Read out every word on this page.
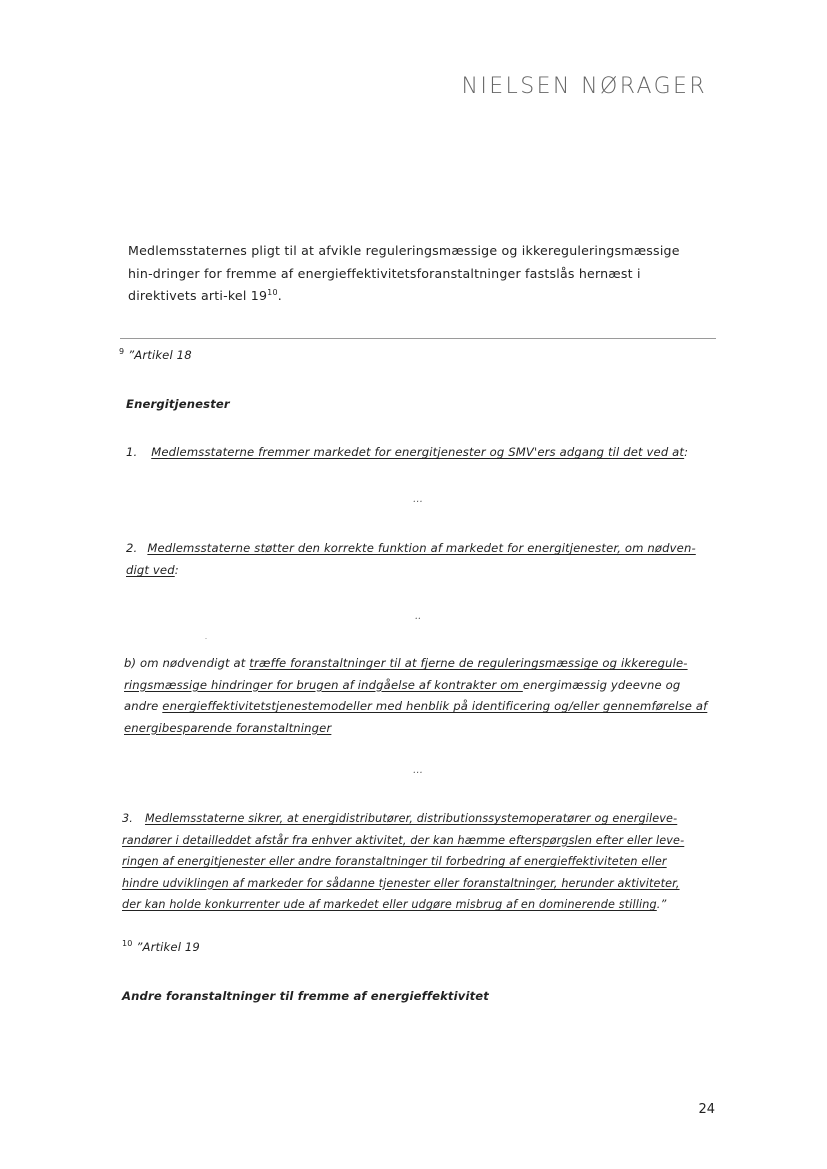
NIELSEN NØRAGER
Medlemsstaternes pligt til at afvikle reguleringsmæssige og ikkereguleringsmæssige hin-dringer for fremme af energieffektivitetsforanstaltninger fastslås hernæst i direktivets arti-kel $19^{10}$.
$^9$ ”Artikel 18
Energitjenester
1. Medlemsstaterne fremmer markedet for energitjenester og SMV'ers adgang til det ved at:
…
2. Medlemsstaterne støtter den korrekte funktion af markedet for energitjenester, om nødven-
digt ved:
..
b) om nødvendigt at træffe foranstaltninger til at fjerne de reguleringsmæssige og ikkeregule-
ringsmæssige hindringer for brugen af indgåelse af kontrakter om energimæssig ydeevne og
andre energieffektivitetstjenestemodeller med henblik på identificering og/eller gennemførelse af
energibesparende foranstaltninger
…
3. Medlemsstaterne sikrer, at energidistributører, distributionssystemoperatører og energileve-
randører i detailleddet afstår fra enhver aktivitet, der kan hæmme efterspørgslen efter eller leve-
ringen af energitjenester eller andre foranstaltninger til forbedring af energieffektiviteten eller
hindre udviklingen af markeder for sådanne tjenester eller foranstaltninger, herunder aktiviteter,
der kan holde konkurrenter ude af markedet eller udgøre misbrug af en dominerende stilling.”
$^{10}$ ”Artikel 19
Andre foranstaltninger til fremme af energieffektivitet
24
